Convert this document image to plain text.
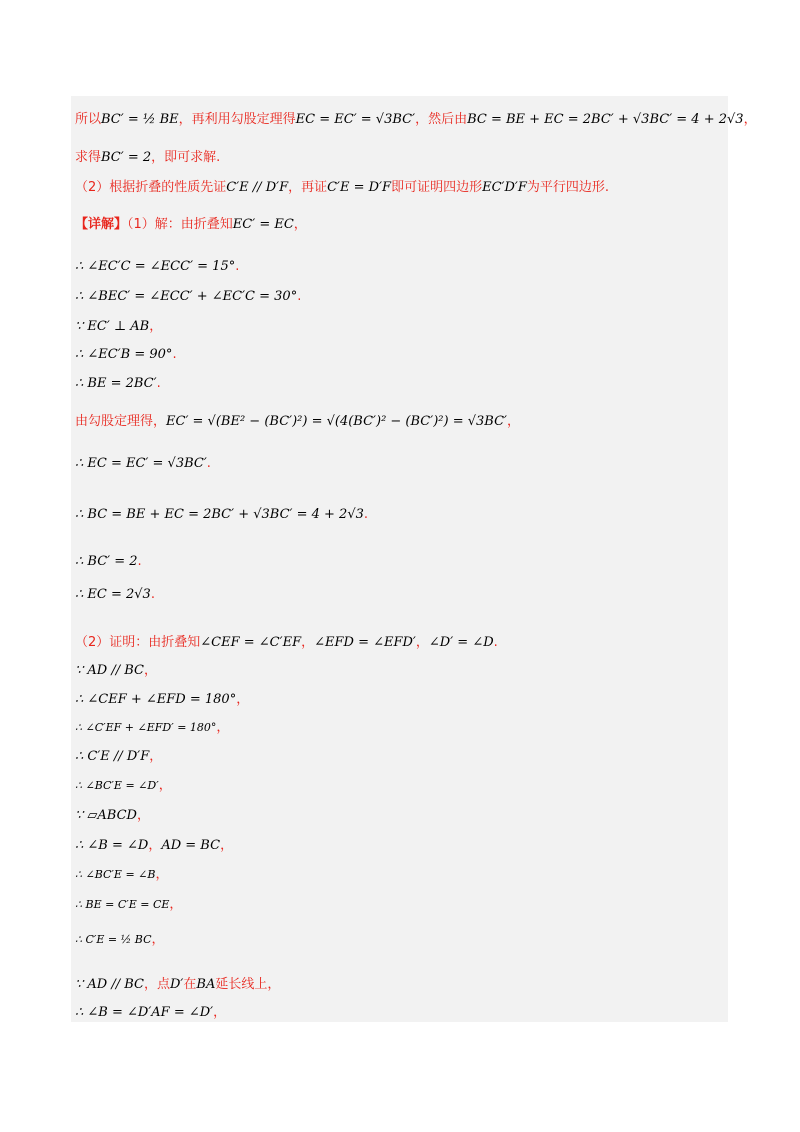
所以BC′ = ½ BE，再利用勾股定理得EC = EC′ = √3BC′，然后由BC = BE + EC = 2BC′ + √3BC′ = 4 + 2√3，
求得BC′ = 2，即可求解.
（2）根据折叠的性质先证C′E // D′F，再证C′E = D′F即可证明四边形EC′D′F为平行四边形.
【详解】（1）解：由折叠知EC′ = EC，
∴ ∠EC′C = ∠ECC′ = 15°.
∴ ∠BEC′ = ∠ECC′ + ∠EC′C = 30°.
∵ EC′ ⊥ AB，
∴ ∠EC′B = 90°.
∴ BE = 2BC′.
由勾股定理得，EC′ = √(BE² − (BC′)²) = √(4(BC′)² − (BC′)²) = √3BC′，
∴ EC = EC′ = √3BC′.
∴ BC = BE + EC = 2BC′ + √3BC′ = 4 + 2√3.
∴ BC′ = 2.
∴ EC = 2√3.
（2）证明：由折叠知∠CEF = ∠C′EF，∠EFD = ∠EFD′，∠D′ = ∠D.
∵ AD // BC，
∴ ∠CEF + ∠EFD = 180°，
∴ ∠C′EF + ∠EFD′ = 180°，
∴ C′E // D′F，
∴ ∠BC′E = ∠D′，
∵ ▱ABCD，
∴ ∠B = ∠D，AD = BC，
∴ ∠BC′E = ∠B，
∴ BE = C′E = CE，
∴ C′E = ½ BC，
∵ AD // BC，点D′在BA延长线上，
∴ ∠B = ∠D′AF = ∠D′，
